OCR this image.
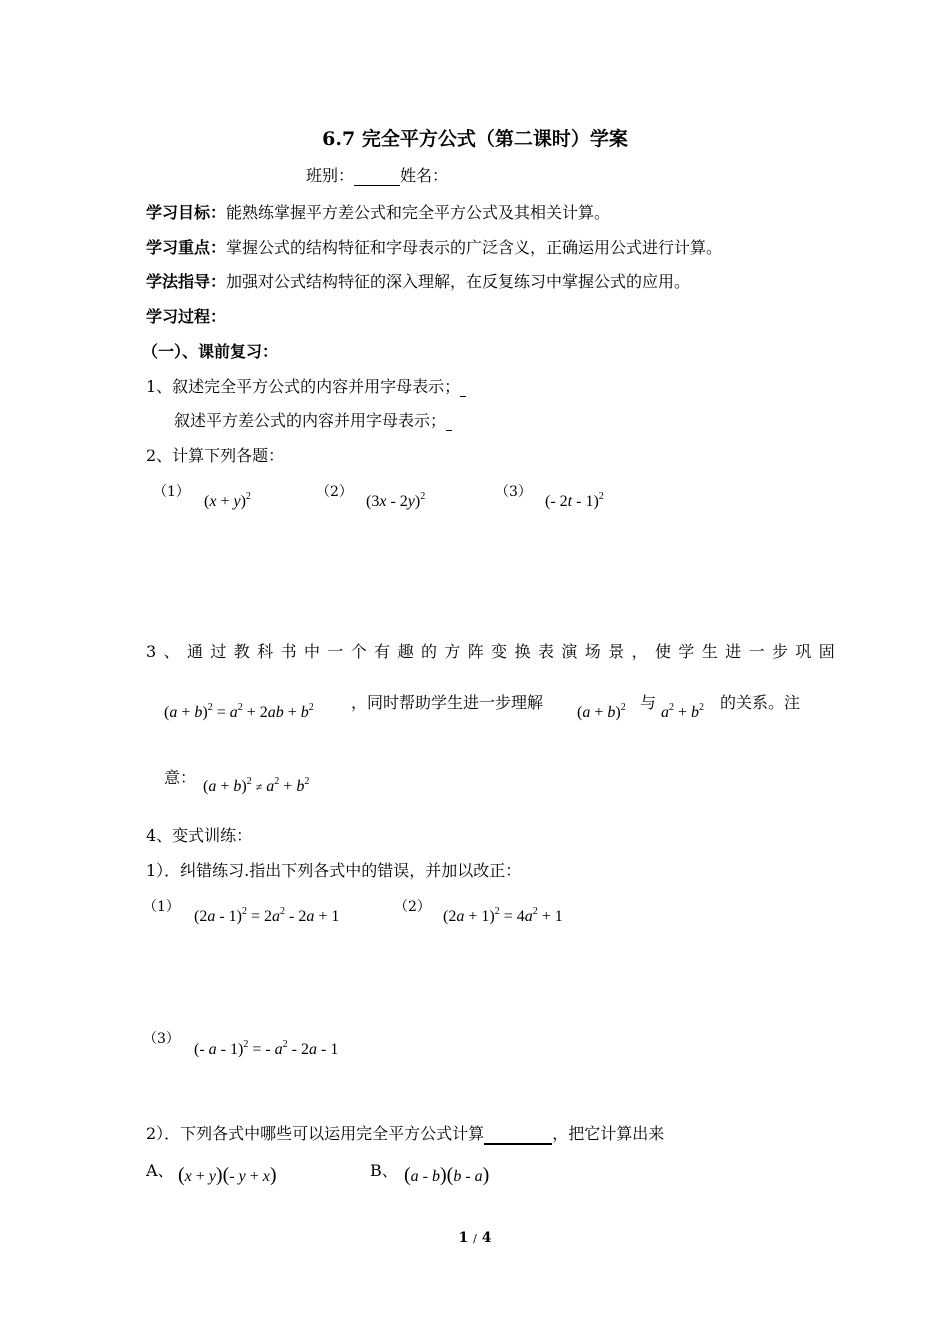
6.7 完全平方公式（第二课时）学案
班别：	姓名：
学习目标：能熟练掌握平方差公式和完全平方公式及其相关计算。
学习重点：掌握公式的结构特征和字母表示的广泛含义，正确运用公式进行计算。
学法指导：加强对公式结构特征的深入理解，在反复练习中掌握公式的应用。
学习过程：
（一）、课前复习：
1、叙述完全平方公式的内容并用字母表示；
叙述平方差公式的内容并用字母表示；
2、计算下列各题：
（1）
$(x + y)^2$	（2）
(3x - 2y)$^2$	（3）
(- 2t - 1)$^2$
3、通过教科书中一个有趣的方阵变换表演场景，使学生进一步巩固
$(a + b)^2 = a^2 + 2ab + b^2$ ，同时帮助学生进一步理解
$(a + b)^2$ 与
$a^2 + b^2$ 的关系。注
意： $(a + b)^2 \ne a^2 + b^2$
4、变式训练：
1）．纠错练习.指出下列各式中的错误，并加以改正：
（1）
$(2a - 1)^2 = 2a^2 - 2a + 1$
（2）
$(2a + 1)^2 = 4a^2 + 1$
（3）
(- a - 1)$^2$ = - $a^2 - 2a - 1$
2）．下列各式中哪些可以运用完全平方公式计算	，把它计算出来
A、 (x + y)(- y + x)	B、 (a - b)(b - a)
1 / 4
